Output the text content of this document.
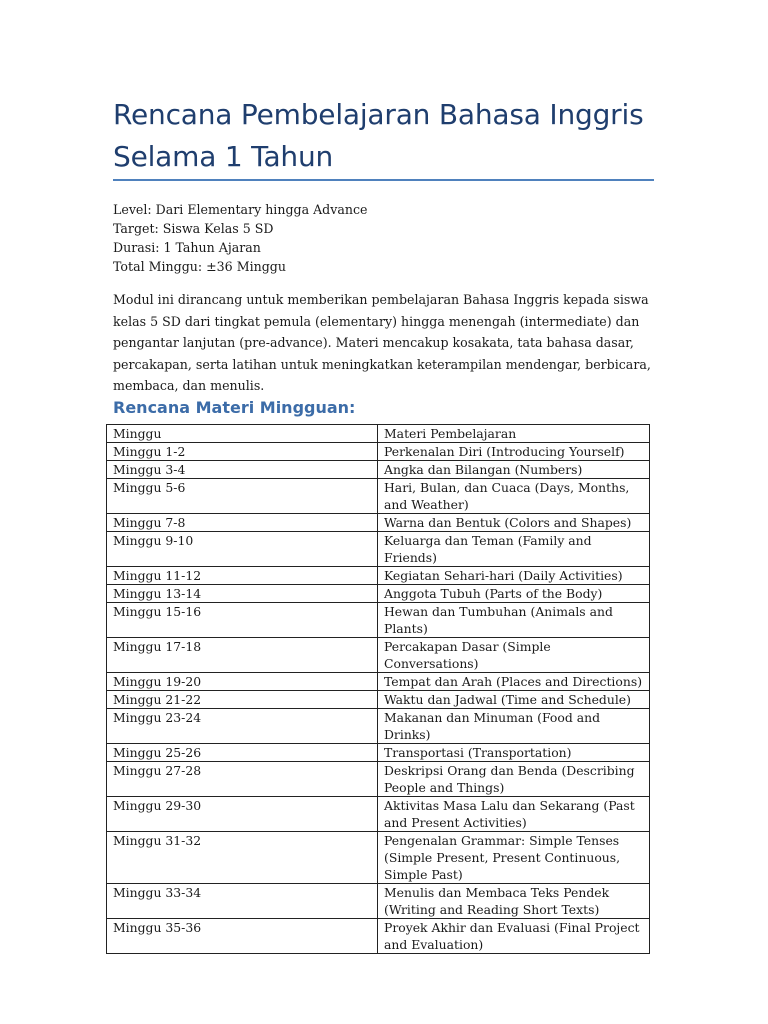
Rencana Pembelajaran Bahasa Inggris Selama 1 Tahun
Level: Dari Elementary hingga Advance
Target: Siswa Kelas 5 SD
Durasi: 1 Tahun Ajaran
Total Minggu: ±36 Minggu

Modul ini dirancang untuk memberikan pembelajaran Bahasa Inggris kepada siswa kelas 5 SD dari tingkat pemula (elementary) hingga menengah (intermediate) dan pengantar lanjutan (pre-advance). Materi mencakup kosakata, tata bahasa dasar, percakapan, serta latihan untuk meningkatkan keterampilan mendengar, berbicara, membaca, dan menulis.

Rencana Materi Mingguan:
Minggu	Materi Pembelajaran
Minggu 1-2	Perkenalan Diri (Introducing Yourself)
Minggu 3-4	Angka dan Bilangan (Numbers)
Minggu 5-6	Hari, Bulan, dan Cuaca (Days, Months, and Weather)
Minggu 7-8	Warna dan Bentuk (Colors and Shapes)
Minggu 9-10	Keluarga dan Teman (Family and Friends)
Minggu 11-12	Kegiatan Sehari-hari (Daily Activities)
Minggu 13-14	Anggota Tubuh (Parts of the Body)
Minggu 15-16	Hewan dan Tumbuhan (Animals and Plants)
Minggu 17-18	Percakapan Dasar (Simple Conversations)
Minggu 19-20	Tempat dan Arah (Places and Directions)
Minggu 21-22	Waktu dan Jadwal (Time and Schedule)
Minggu 23-24	Makanan dan Minuman (Food and Drinks)
Minggu 25-26	Transportasi (Transportation)
Minggu 27-28	Deskripsi Orang dan Benda (Describing People and Things)
Minggu 29-30	Aktivitas Masa Lalu dan Sekarang (Past and Present Activities)
Minggu 31-32	Pengenalan Grammar: Simple Tenses (Simple Present, Present Continuous, Simple Past)
Minggu 33-34	Menulis dan Membaca Teks Pendek (Writing and Reading Short Texts)
Minggu 35-36	Proyek Akhir dan Evaluasi (Final Project and Evaluation)
